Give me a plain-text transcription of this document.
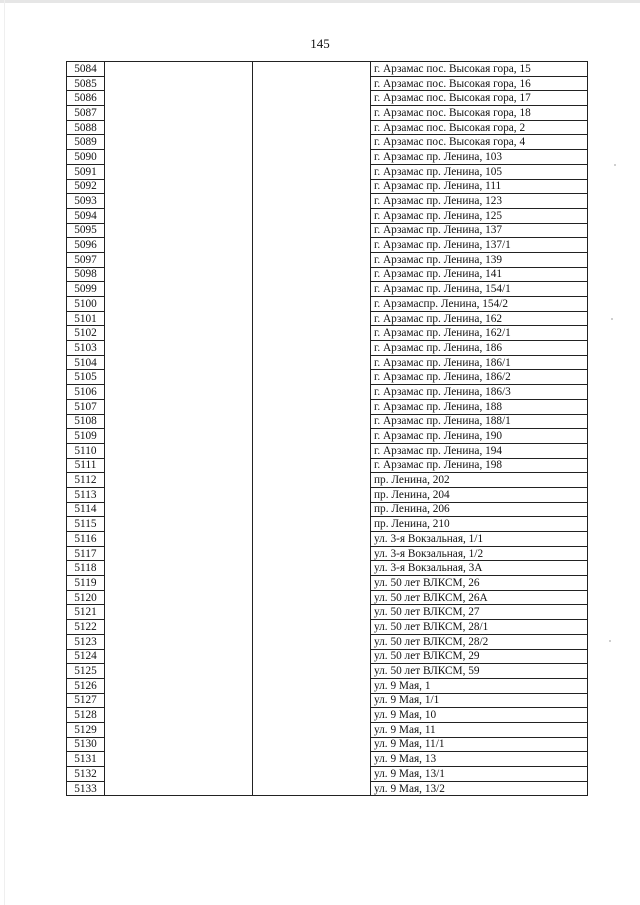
145
5084			г. Арзамас пос. Высокая гора, 15
5085			г. Арзамас пос. Высокая гора, 16
5086			г. Арзамас пос. Высокая гора, 17
5087			г. Арзамас пос. Высокая гора, 18
5088			г. Арзамас пос. Высокая гора, 2
5089			г. Арзамас пос. Высокая гора, 4
5090			г. Арзамас пр. Ленина, 103
5091			г. Арзамас пр. Ленина, 105
5092			г. Арзамас пр. Ленина, 111
5093			г. Арзамас пр. Ленина, 123
5094			г. Арзамас пр. Ленина, 125
5095			г. Арзамас пр. Ленина, 137
5096			г. Арзамас пр. Ленина, 137/1
5097			г. Арзамас пр. Ленина, 139
5098			г. Арзамас пр. Ленина, 141
5099			г. Арзамас пр. Ленина, 154/1
5100			г. Арзамаспр. Ленина, 154/2
5101			г. Арзамас пр. Ленина, 162
5102			г. Арзамас пр. Ленина, 162/1
5103			г. Арзамас пр. Ленина, 186
5104			г. Арзамас пр. Ленина, 186/1
5105			г. Арзамас пр. Ленина, 186/2
5106			г. Арзамас пр. Ленина, 186/3
5107			г. Арзамас пр. Ленина, 188
5108			г. Арзамас пр. Ленина, 188/1
5109			г. Арзамас пр. Ленина, 190
5110			г. Арзамас пр. Ленина, 194
5111			г. Арзамас пр. Ленина, 198
5112			пр. Ленина, 202
5113			пр. Ленина, 204
5114			пр. Ленина, 206
5115			пр. Ленина, 210
5116			ул. 3-я Вокзальная, 1/1
5117			ул. 3-я Вокзальная, 1/2
5118			ул. 3-я Вокзальная, 3А
5119			ул. 50 лет ВЛКСМ, 26
5120			ул. 50 лет ВЛКСМ, 26А
5121			ул. 50 лет ВЛКСМ, 27
5122			ул. 50 лет ВЛКСМ, 28/1
5123			ул. 50 лет ВЛКСМ, 28/2
5124			ул. 50 лет ВЛКСМ, 29
5125			ул. 50 лет ВЛКСМ, 59
5126			ул. 9 Мая, 1
5127			ул. 9 Мая, 1/1
5128			ул. 9 Мая, 10
5129			ул. 9 Мая, 11
5130			ул. 9 Мая, 11/1
5131			ул. 9 Мая, 13
5132			ул. 9 Мая, 13/1
5133			ул. 9 Мая, 13/2
